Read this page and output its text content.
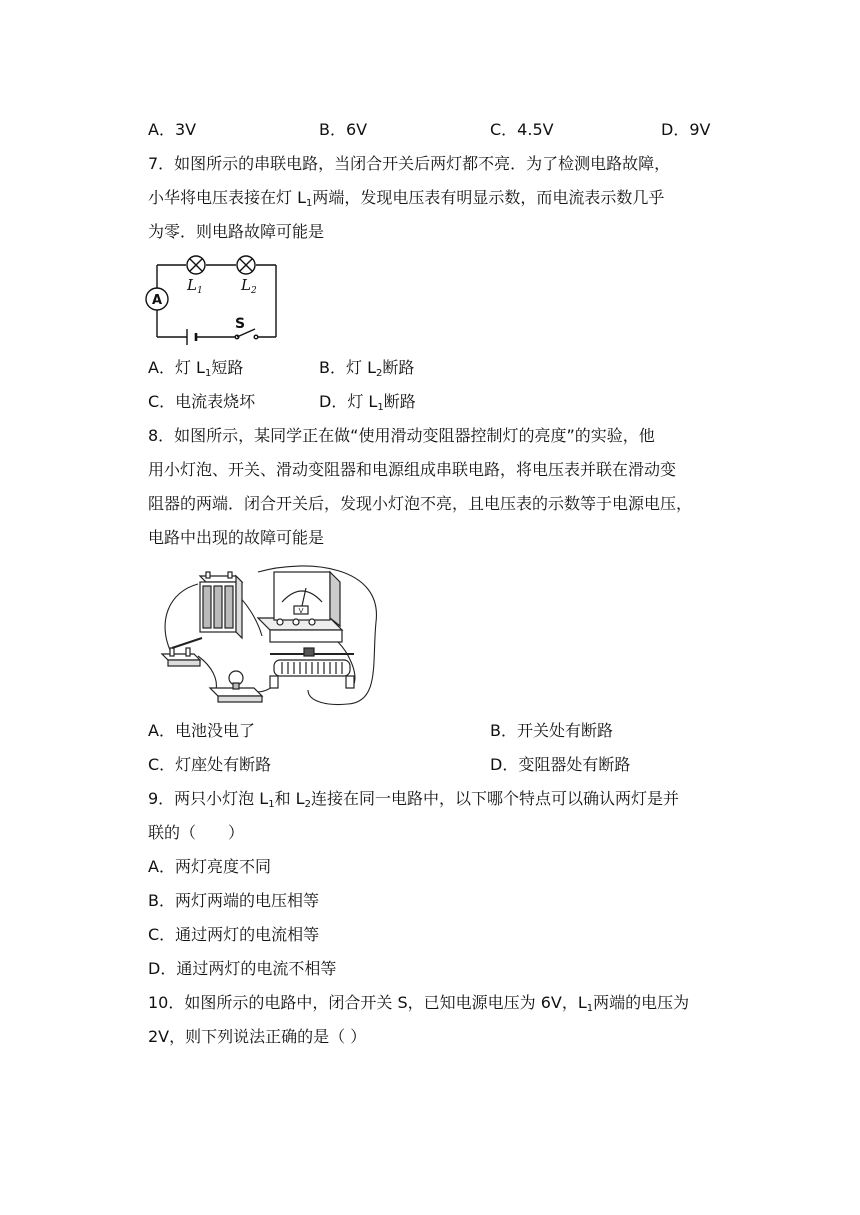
A．3V	B．6V	C．4.5V	D．9V
7．如图所示的串联电路，当闭合开关后两灯都不亮．为了检测电路故障，
小华将电压表接在灯 $L_1$两端，发现电压表有明显示数，而电流表示数几乎
为零．则电路故障可能是
A
$L_1$	$L_2$
S
A．灯 $L_1$短路	B．灯 $L_2$断路
C．电流表烧坏	D．灯 $L_1$断路
8．如图所示，某同学正在做“使用滑动变阻器控制灯的亮度”的实验，他
用小灯泡、开关、滑动变阻器和电源组成串联电路，将电压表并联在滑动变
阻器的两端．闭合开关后，发现小灯泡不亮，且电压表的示数等于电源电压，
电路中出现的故障可能是
V
A．电池没电了	B．开关处有断路
C．灯座处有断路	D．变阻器处有断路
9．两只小灯泡 $L_1$和 $L_2$连接在同一电路中，以下哪个特点可以确认两灯是并
联的（　　）
A．两灯亮度不同
B．两灯两端的电压相等
C．通过两灯的电流相等
D．通过两灯的电流不相等
10．如图所示的电路中，闭合开关 S，已知电源电压为 6V，$L_1$两端的电压为
2V，则下列说法正确的是（ ）
